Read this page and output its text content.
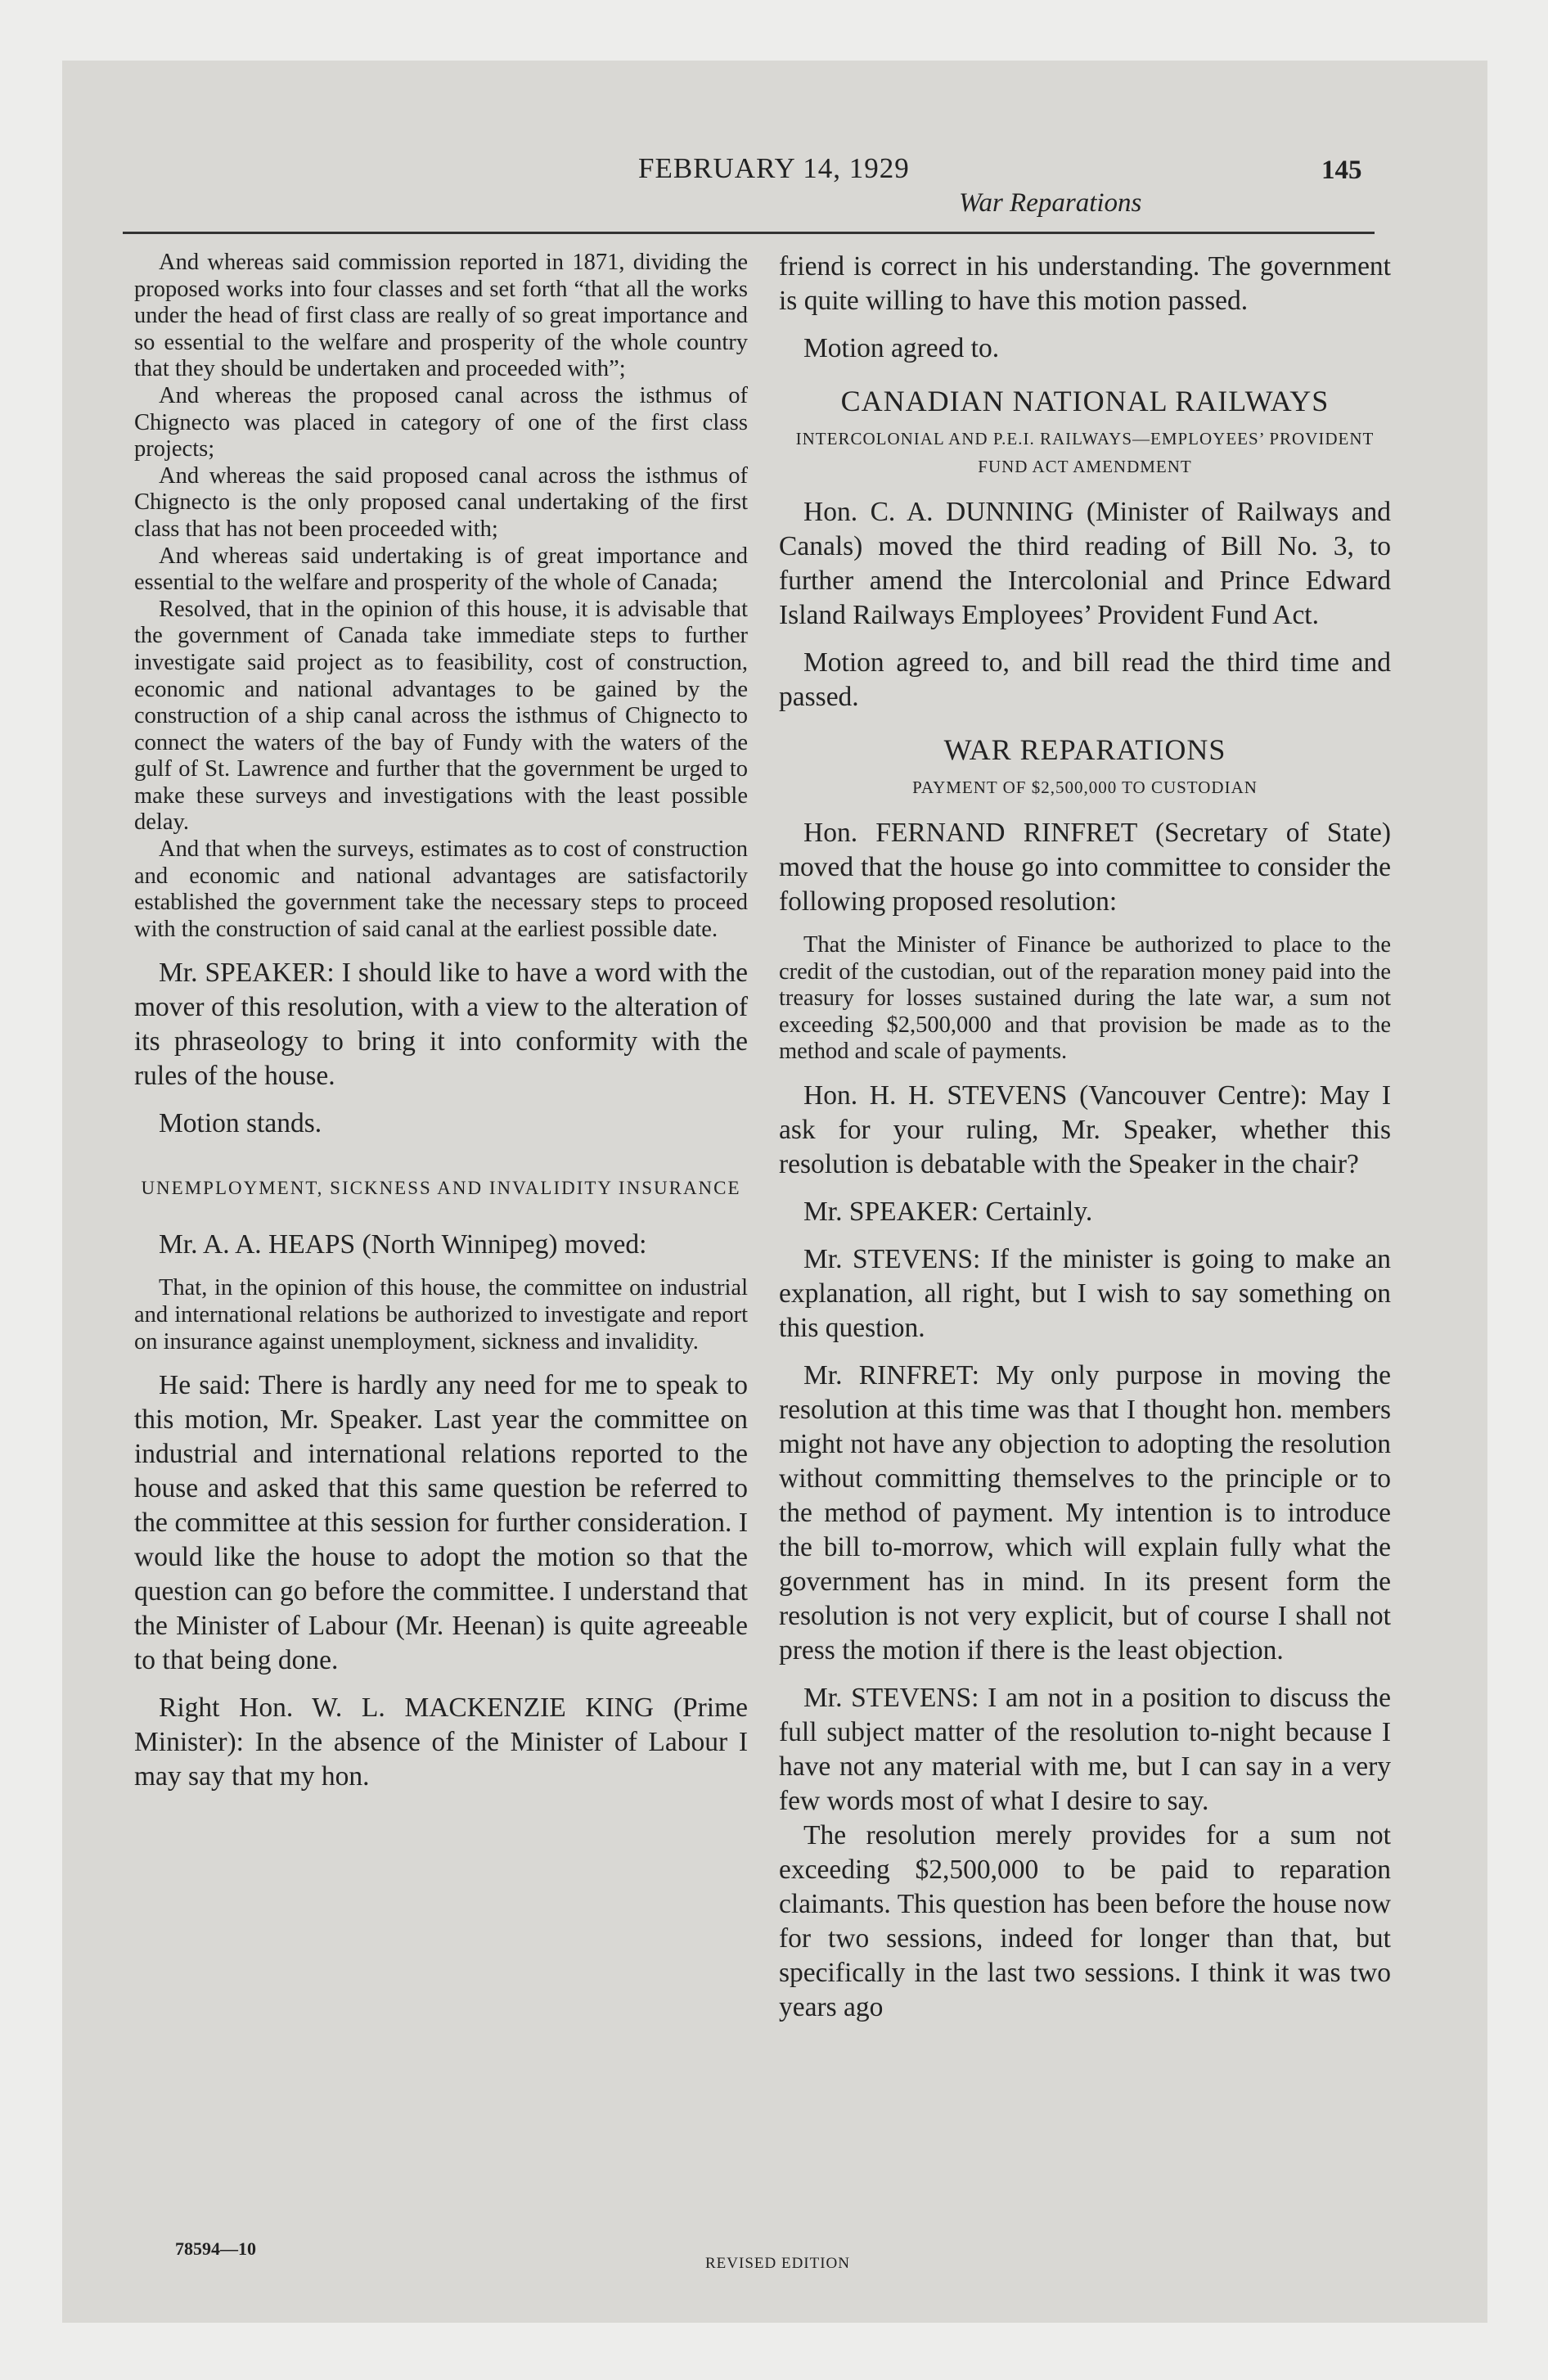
FEBRUARY 14, 1929
War Reparations
145

And whereas said commission reported in 1871, dividing the proposed works into four classes and set forth “that all the works under the head of first class are really of so great importance and so essential to the welfare and prosperity of the whole country that they should be undertaken and proceeded with”;

And whereas the proposed canal across the isthmus of Chignecto was placed in category of one of the first class projects;

And whereas the said proposed canal across the isthmus of Chignecto is the only proposed canal undertaking of the first class that has not been proceeded with;

And whereas said undertaking is of great importance and essential to the welfare and prosperity of the whole of Canada;

Resolved, that in the opinion of this house, it is advisable that the government of Canada take immediate steps to further investigate said project as to feasibility, cost of construction, economic and national advantages to be gained by the construction of a ship canal across the isthmus of Chignecto to connect the waters of the bay of Fundy with the waters of the gulf of St. Lawrence and further that the government be urged to make these surveys and investigations with the least possible delay.

And that when the surveys, estimates as to cost of construction and economic and national advantages are satisfactorily established the government take the necessary steps to proceed with the construction of said canal at the earliest possible date.

Mr. SPEAKER: I should like to have a word with the mover of this resolution, with a view to the alteration of its phraseology to bring it into conformity with the rules of the house.

Motion stands.

UNEMPLOYMENT, SICKNESS AND INVALIDITY INSURANCE

Mr. A. A. HEAPS (North Winnipeg) moved:

That, in the opinion of this house, the committee on industrial and international relations be authorized to investigate and report on insurance against unemployment, sickness and invalidity.

He said: There is hardly any need for me to speak to this motion, Mr. Speaker. Last year the committee on industrial and international relations reported to the house and asked that this same question be referred to the committee at this session for further consideration. I would like the house to adopt the motion so that the question can go before the committee. I understand that the Minister of Labour (Mr. Heenan) is quite agreeable to that being done.

Right Hon. W. L. MACKENZIE KING (Prime Minister): In the absence of the Minister of Labour I may say that my hon.

friend is correct in his understanding. The government is quite willing to have this motion passed.

Motion agreed to.

CANADIAN NATIONAL RAILWAYS
INTERCOLONIAL AND P.E.I. RAILWAYS—EMPLOYEES’ PROVIDENT FUND ACT AMENDMENT

Hon. C. A. DUNNING (Minister of Railways and Canals) moved the third reading of Bill No. 3, to further amend the Intercolonial and Prince Edward Island Railways Employees’ Provident Fund Act.

Motion agreed to, and bill read the third time and passed.

WAR REPARATIONS
PAYMENT OF $2,500,000 TO CUSTODIAN

Hon. FERNAND RINFRET (Secretary of State) moved that the house go into committee to consider the following proposed resolution:

That the Minister of Finance be authorized to place to the credit of the custodian, out of the reparation money paid into the treasury for losses sustained during the late war, a sum not exceeding $2,500,000 and that provision be made as to the method and scale of payments.

Hon. H. H. STEVENS (Vancouver Centre): May I ask for your ruling, Mr. Speaker, whether this resolution is debatable with the Speaker in the chair?

Mr. SPEAKER: Certainly.

Mr. STEVENS: If the minister is going to make an explanation, all right, but I wish to say something on this question.

Mr. RINFRET: My only purpose in moving the resolution at this time was that I thought hon. members might not have any objection to adopting the resolution without committing themselves to the principle or to the method of payment. My intention is to introduce the bill to-morrow, which will explain fully what the government has in mind. In its present form the resolution is not very explicit, but of course I shall not press the motion if there is the least objection.

Mr. STEVENS: I am not in a position to discuss the full subject matter of the resolution to-night because I have not any material with me, but I can say in a very few words most of what I desire to say.

The resolution merely provides for a sum not exceeding $2,500,000 to be paid to reparation claimants. This question has been before the house now for two sessions, indeed for longer than that, but specifically in the last two sessions. I think it was two years ago

78594—10
REVISED EDITION
